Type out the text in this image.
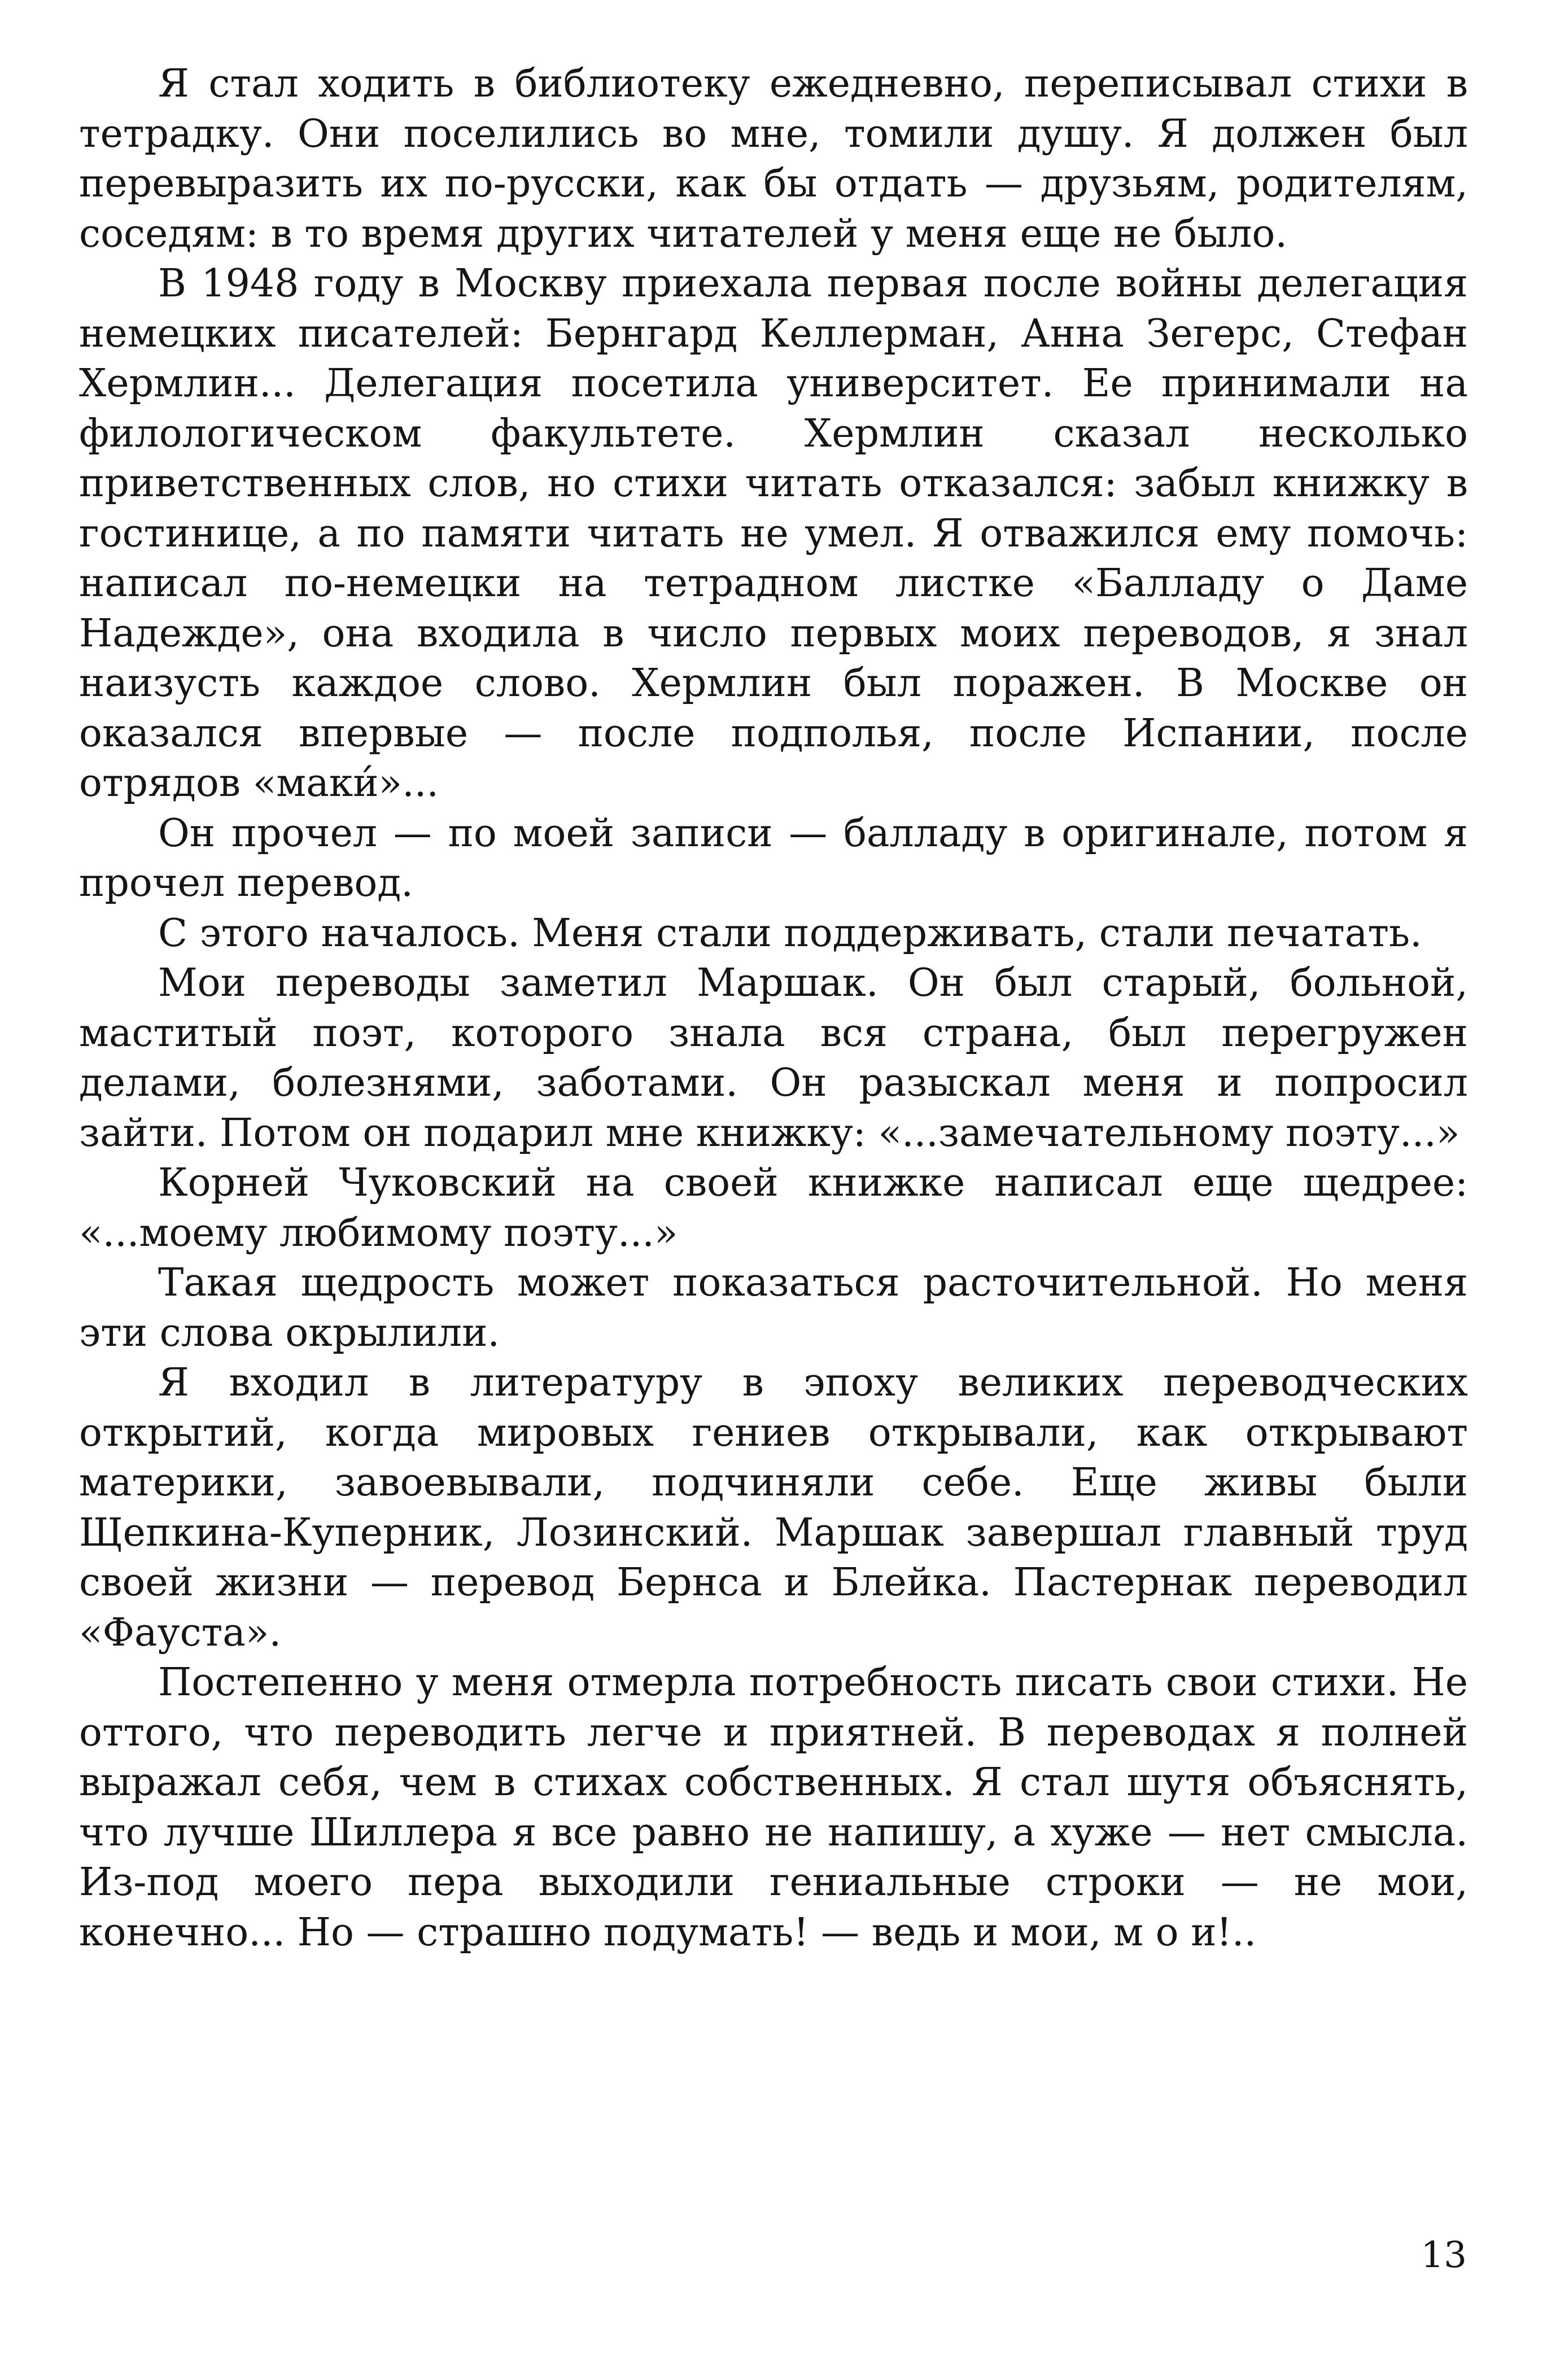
Я стал ходить в библиотеку ежедневно, переписывал стихи в тетрадку. Они поселились во мне, томили душу. Я должен был перевыразить их по-русски, как бы отдать — друзьям, родителям, соседям: в то время других читателей у меня еще не было.

В 1948 году в Москву приехала первая после войны делегация немецких писателей: Бернгард Келлерман, Анна Зегерс, Стефан Хермлин... Делегация посетила университет. Ее принимали на филологическом факультете. Хермлин сказал несколько приветственных слов, но стихи читать отказался: забыл книжку в гостинице, а по памяти читать не умел. Я отважился ему помочь: написал по-немецки на тетрадном листке «Балладу о Даме Надежде», она входила в число первых моих переводов, я знал наизусть каждое слово. Хермлин был поражен. В Москве он оказался впервые — после подполья, после Испании, после отрядов «маки́»...

Он прочел — по моей записи — балладу в оригинале, потом я прочел перевод.

С этого началось. Меня стали поддерживать, стали печатать.

Мои переводы заметил Маршак. Он был старый, больной, маститый поэт, которого знала вся страна, был перегружен делами, болезнями, заботами. Он разыскал меня и попросил зайти. Потом он подарил мне книжку: «...замечательному поэту...»

Корней Чуковский на своей книжке написал еще щедрее: «...моему любимому поэту...»

Такая щедрость может показаться расточительной. Но меня эти слова окрылили.

Я входил в литературу в эпоху великих переводческих открытий, когда мировых гениев открывали, как открывают материки, завоевывали, подчиняли себе. Еще живы были Щепкина-Куперник, Лозинский. Маршак завершал главный труд своей жизни — перевод Бернса и Блейка. Пастернак переводил «Фауста».

Постепенно у меня отмерла потребность писать свои стихи. Не оттого, что переводить легче и приятней. В переводах я полней выражал себя, чем в стихах собственных. Я стал шутя объяснять, что лучше Шиллера я все равно не напишу, а хуже — нет смысла. Из-под моего пера выходили гениальные строки — не мои, конечно... Но — страшно подумать! — ведь и мои, м о и!..

13
